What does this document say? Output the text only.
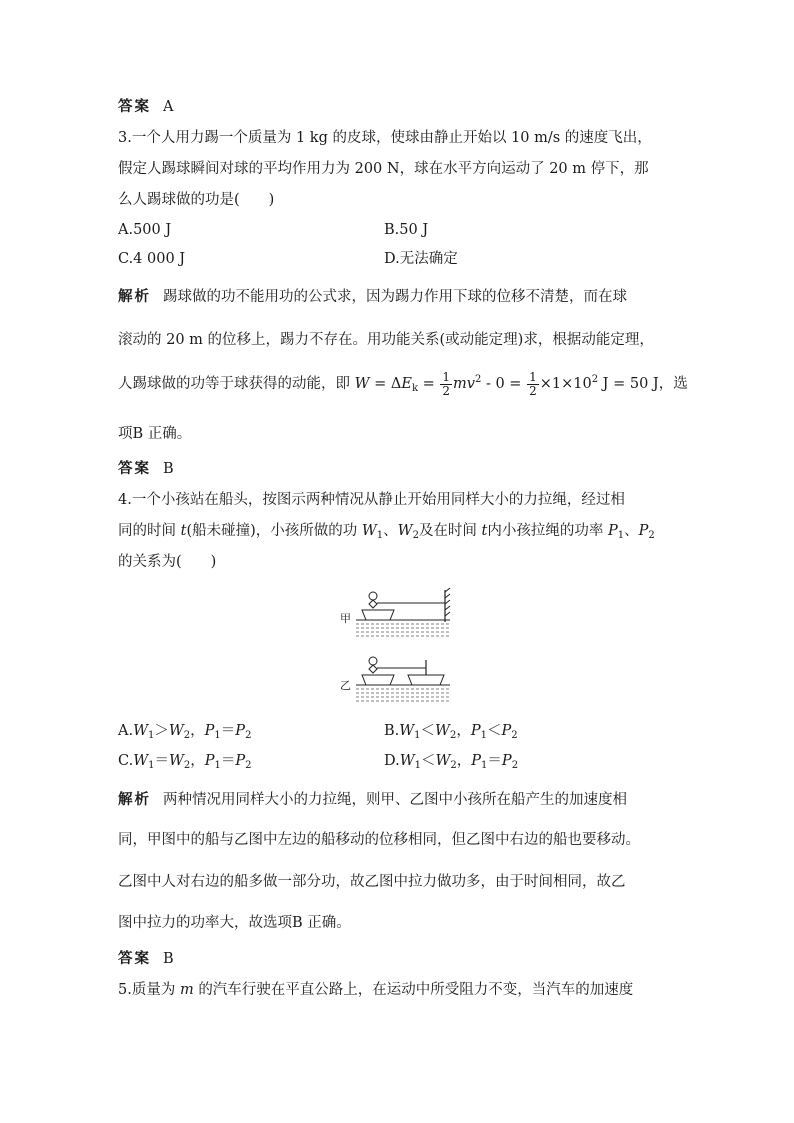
答案 A
3.一个人用力踢一个质量为 1 kg 的皮球，使球由静止开始以 10 m/s 的速度飞出，
假定人踢球瞬间对球的平均作用力为 200 N，球在水平方向运动了 20 m 停下，那
么人踢球做的功是(　　)
A.500 J	B.50 J
C.4 000 J	D.无法确定
解析 踢球做的功不能用功的公式求，因为踢力作用下球的位移不清楚，而在球
滚动的 20 m 的位移上，踢力不存在。用功能关系(或动能定理)求，根据动能定理，
人踢球做的功等于球获得的动能，即 $W = \Delta E_k = \frac{1}{2} mv^2 - 0 = \frac{1}{2} \times 1\times 10^2$ J = 50 J，选
项B 正确。
答案 B
4.一个小孩站在船头，按图示两种情况从静止开始用同样大小的力拉绳，经过相
同的时间 t(船未碰撞)，小孩所做的功 $W_1$、$W_2$及在时间 t内小孩拉绳的功率 $P_1$、$P_2$
的关系为(　　)
甲
乙
$A.W_1>W_2$，$P_1=P_2$	$B.W_1<W_2$，$P_1<P_2$
$C.W_1=W_2$，$P_1=P_2$	$D.W_1<W_2$，$P_1=P_2$
解析 两种情况用同样大小的力拉绳，则甲、乙图中小孩所在船产生的加速度相
同，甲图中的船与乙图中左边的船移动的位移相同，但乙图中右边的船也要移动。
乙图中人对右边的船多做一部分功，故乙图中拉力做功多，由于时间相同，故乙
图中拉力的功率大，故选项B 正确。
答案 B
5.质量为 m 的汽车行驶在平直公路上，在运动中所受阻力不变，当汽车的加速度
